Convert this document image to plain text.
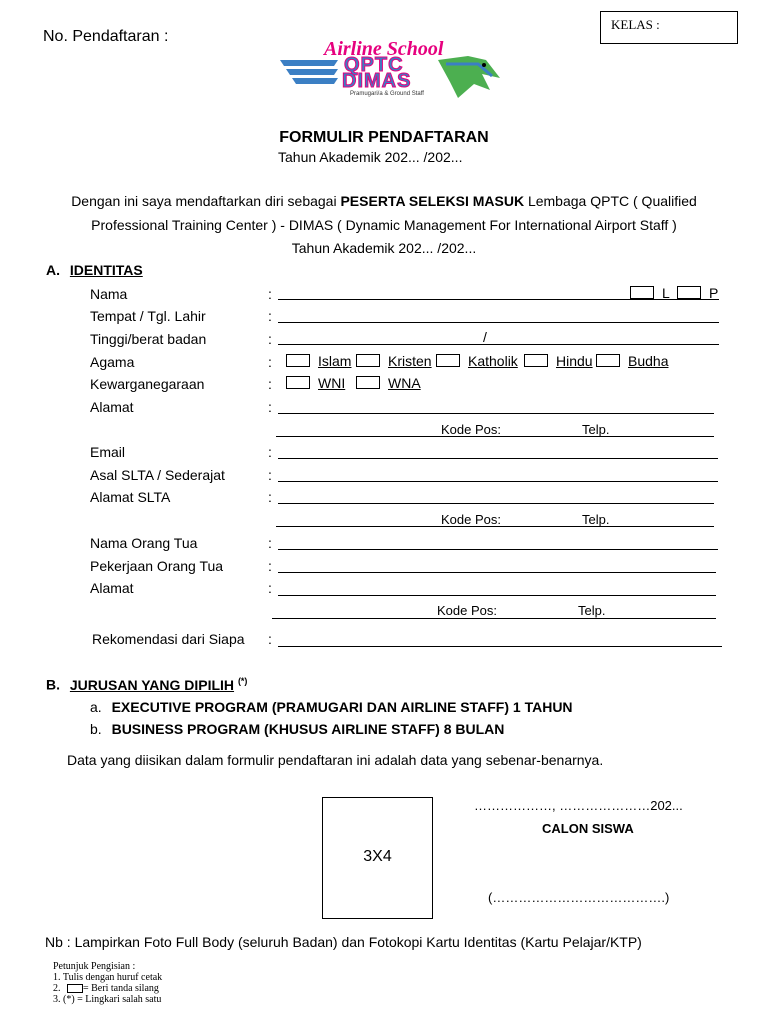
No. Pendaftaran :
KELAS :
Airline School
QPTC
DIMAS
Pramugari/a & Ground Staff
FORMULIR PENDAFTARAN
Tahun Akademik 202... /202...
Dengan ini saya mendaftarkan diri sebagai PESERTA SELEKSI MASUK Lembaga QPTC ( Qualified
Professional Training Center ) - DIMAS ( Dynamic Management For International Airport Staff )
Tahun Akademik 202... /202...
A. IDENTITAS
Nama	:	L	P
Tempat / Tgl. Lahir	:
Tinggi/berat badan	:	/
Agama	:	Islam	Kristen	Katholik	Hindu	Budha
Kewarganegaraan	:	WNI	WNA
Alamat	:
Kode Pos:	Telp.
Email	:
Asal SLTA / Sederajat	:
Alamat SLTA	:
Kode Pos:	Telp.
Nama Orang Tua	:
Pekerjaan Orang Tua	:
Alamat	:
Kode Pos:	Telp.
Rekomendasi dari Siapa :
B. JURUSAN YANG DIPILIH (*)
a. EXECUTIVE PROGRAM (PRAMUGARI DAN AIRLINE STAFF) 1 TAHUN
b. BUSINESS PROGRAM (KHUSUS AIRLINE STAFF) 8 BULAN
Data yang diisikan dalam formulir pendaftaran ini adalah data yang sebenar-benarnya.
3X4
………………, …………………202...
CALON SISWA
(………………………………….)
Nb : Lampirkan Foto Full Body (seluruh Badan) dan Fotokopi Kartu Identitas (Kartu Pelajar/KTP)
Petunjuk Pengisian :
1. Tulis dengan huruf cetak
2. = Beri tanda silang
3. (*) = Lingkari salah satu
